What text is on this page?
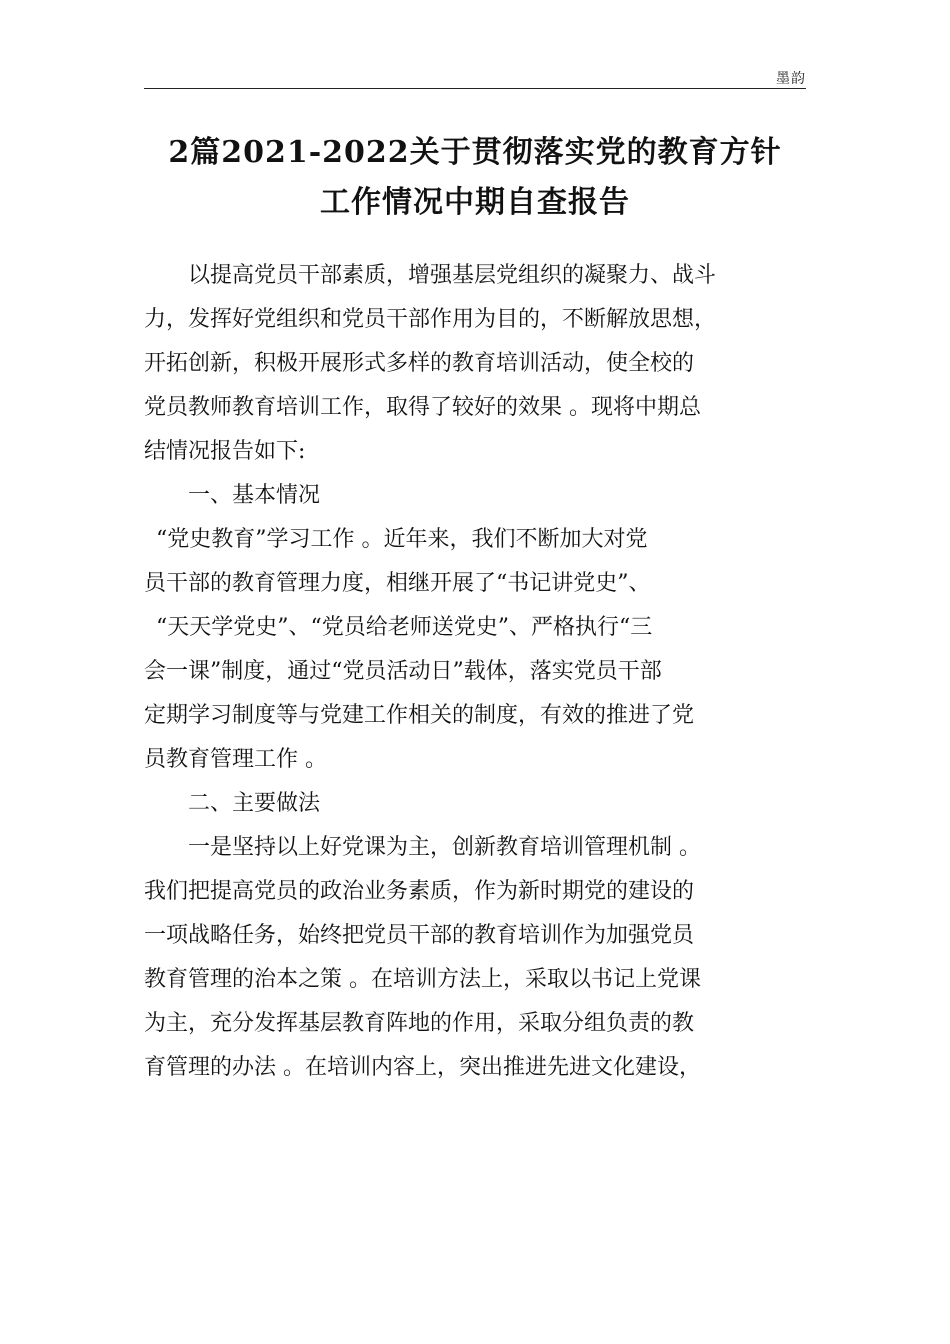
墨韵
2篇2021-2022关于贯彻落实党的教育方针
工作情况中期自查报告
以提高党员干部素质，增强基层党组织的凝聚力、战斗
力，发挥好党组织和党员干部作用为目的，不断解放思想，
开拓创新，积极开展形式多样的教育培训活动，使全校的
党员教师教育培训工作，取得了较好的效果 。现将中期总
结情况报告如下:
一、基本情况
“党史教育”学习工作 。近年来，我们不断加大对党
员干部的教育管理力度，相继开展了“书记讲党史”、
“天天学党史”、“党员给老师送党史”、严格执行“三
会一课”制度，通过“党员活动日”载体，落实党员干部
定期学习制度等与党建工作相关的制度，有效的推进了党
员教育管理工作 。
二、主要做法
一是坚持以上好党课为主，创新教育培训管理机制 。
我们把提高党员的政治业务素质，作为新时期党的建设的
一项战略任务，始终把党员干部的教育培训作为加强党员
教育管理的治本之策 。在培训方法上，采取以书记上党课
为主，充分发挥基层教育阵地的作用，采取分组负责的教
育管理的办法 。在培训内容上，突出推进先进文化建设，
